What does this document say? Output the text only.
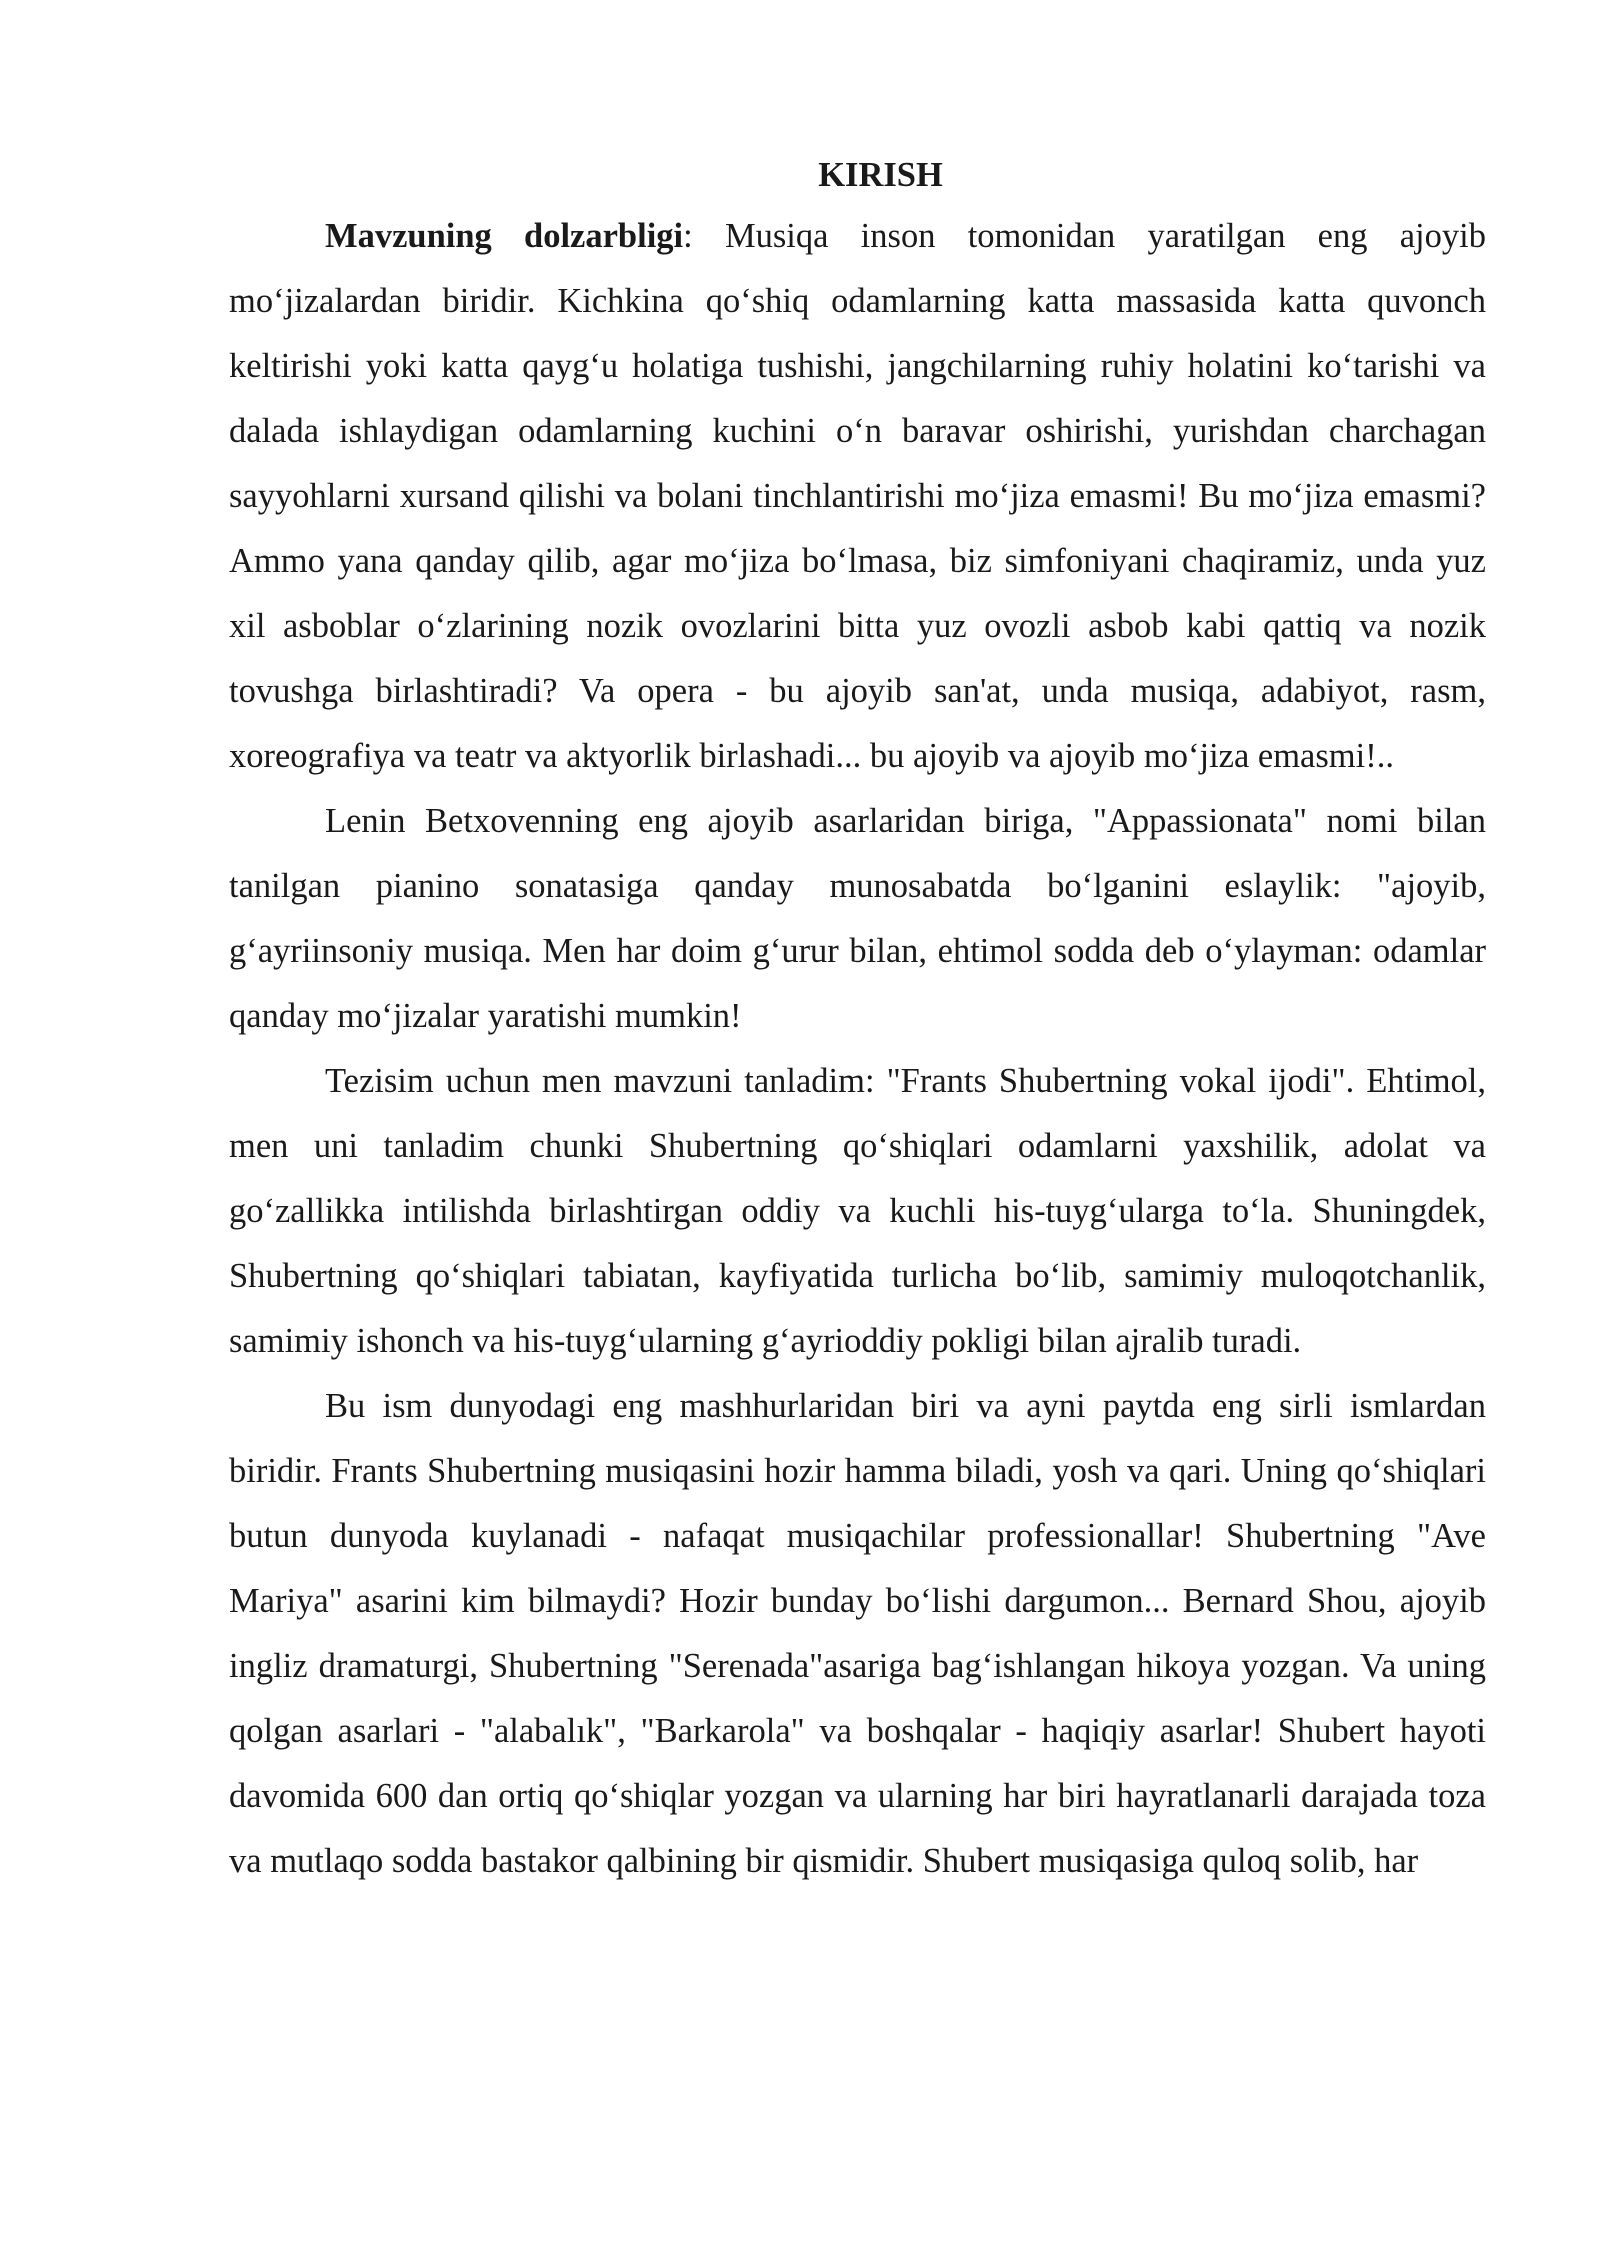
KIRISH

Mavzuning dolzarbligi: Musiqa inson tomonidan yaratilgan eng ajoyib mo‘jizalardan biridir. Kichkina qo‘shiq odamlarning katta massasida katta quvonch keltirishi yoki katta qayg‘u holatiga tushishi, jangchilarning ruhiy holatini ko‘tarishi va dalada ishlaydigan odamlarning kuchini o‘n baravar oshirishi, yurishdan charchagan sayyohlarni xursand qilishi va bolani tinchlantirishi mo‘jiza emasmi! Bu mo‘jiza emasmi? Ammo yana qanday qilib, agar mo‘jiza bo‘lmasa, biz simfoniyani chaqiramiz, unda yuz xil asboblar o‘zlarining nozik ovozlarini bitta yuz ovozli asbob kabi qattiq va nozik tovushga birlashtiradi? Va opera - bu ajoyib san'at, unda musiqa, adabiyot, rasm, xoreografiya va teatr va aktyorlik birlashadi... bu ajoyib va ajoyib mo‘jiza emasmi!..

Lenin Betxovenning eng ajoyib asarlaridan biriga, "Appassionata" nomi bilan tanilgan pianino sonatasiga qanday munosabatda bo‘lganini eslaylik: "ajoyib, g‘ayriinsoniy musiqa. Men har doim g‘urur bilan, ehtimol sodda deb o‘ylayman: odamlar qanday mo‘jizalar yaratishi mumkin!

Tezisim uchun men mavzuni tanladim: "Frants Shubertning vokal ijodi". Ehtimol, men uni tanladim chunki Shubertning qo‘shiqlari odamlarni yaxshilik, adolat va go‘zallikka intilishda birlashtirgan oddiy va kuchli his-tuyg‘ularga to‘la. Shuningdek, Shubertning qo‘shiqlari tabiatan, kayfiyatida turlicha bo‘lib, samimiy muloqotchanlik, samimiy ishonch va his-tuyg‘ularning g‘ayrioddiy pokligi bilan ajralib turadi.

Bu ism dunyodagi eng mashhurlaridan biri va ayni paytda eng sirli ismlardan biridir. Frants Shubertning musiqasini hozir hamma biladi, yosh va qari. Uning qo‘shiqlari butun dunyoda kuylanadi - nafaqat musiqachilar professionallar! Shubertning "Ave Mariya" asarini kim bilmaydi? Hozir bunday bo‘lishi dargumon... Bernard Shou, ajoyib ingliz dramaturgi, Shubertning "Serenada"asariga bag‘ishlangan hikoya yozgan. Va uning qolgan asarlari - "alabalık", "Barkarola" va boshqalar - haqiqiy asarlar! Shubert hayoti davomida 600 dan ortiq qo‘shiqlar yozgan va ularning har biri hayratlanarli darajada toza va mutlaqo sodda bastakor qalbining bir qismidir. Shubert musiqasiga quloq solib, har
